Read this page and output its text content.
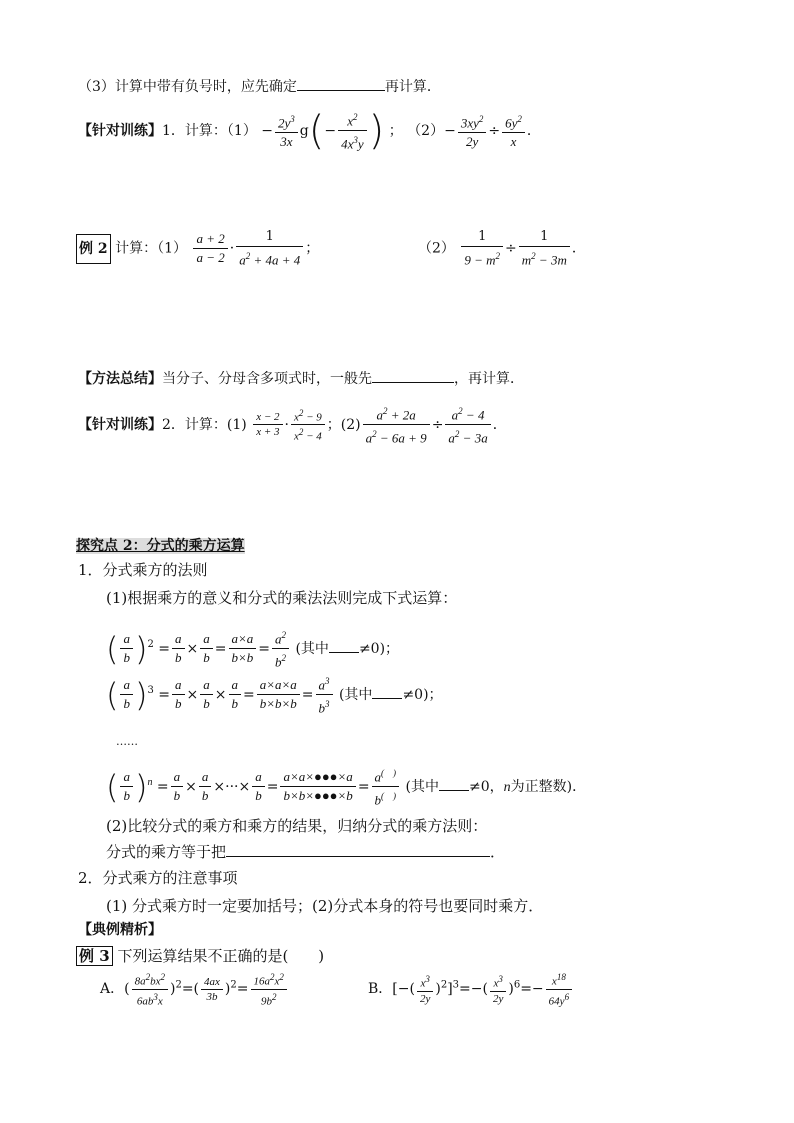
（3）计算中带有负号时，应先确定	再计算．
【针对训练】1．计算：$(1) - \frac{2y^3}{3x} g(- \frac{x^2}{4x^3y}$ ) ； $(2)- \frac{3xy^2}{2y} \div \frac{6y^2}{x}$ ．
例 2 计算：$(1) \frac{a + 2}{a - 2} \cdot \frac{1}{a^2 + 4a + 4}$ ；	$(2) \frac{1}{9 - m^2} \div \frac{1}{m^2 - 3m}$ ．
【方法总结】当分子、分母含多项式时，一般先	，再计算．
【针对训练】2．计算：$(1) \frac{x - 2}{x + 3} \cdot \frac{x^2 - 9}{x^2 - 4}$ ；$(2) \frac{a^2 + 2a}{a^2 - 6a + 9} \div \frac{a^2 - 4}{a^2 - 3a}$ ．
探究点 2：分式的乘方运算
1．分式乘方的法则
(1)根据乘方的意义和分式的乘法法则完成下式运算：
( $\frac{a}{b} )^2 = \frac{a}{b} \times \frac{a}{b} = \frac{a\times a}{b\times b} = \frac{a^2}{b^2}$ (其中 ≠0)；
( $\frac{a}{b} )^3 = \frac{a}{b} \times \frac{a}{b} \times \frac{a}{b} = \frac{a\times a\times a}{b\times b\times b} = \frac{a^3}{b^3}$ (其中 ≠0)；
……
( $\frac{a}{b} )^n = \frac{a}{b} \times \frac{a}{b}$ ×···× $\frac{a}{b} = \frac{a\times a\times●●●\times a}{b\times b\times●●●\times b} = \frac{a^{( )}}{b^{( )}}$ (其中 ≠0，n为正整数)．
(2)比较分式的乘方和乘方的结果，归纳分式的乘方法则：
分式的乘方等于把	．
2．分式乘方的注意事项
(1) 分式乘方时一定要加括号；(2)分式本身的符号也要同时乘方．
【典例精析】
例 3 下列运算结果不正确的是(　　)
A．( $\frac{8a^2bx^2}{6ab^3x} )^2=( \frac{4ax}{3b} )^2= \frac{16a^2x^2}{9b^2}$	B．[−( $\frac{x^3}{2y} )^2]^3=-( \frac{x^3}{2y} )^6=- \frac{x^{18}}{64y^6}$
